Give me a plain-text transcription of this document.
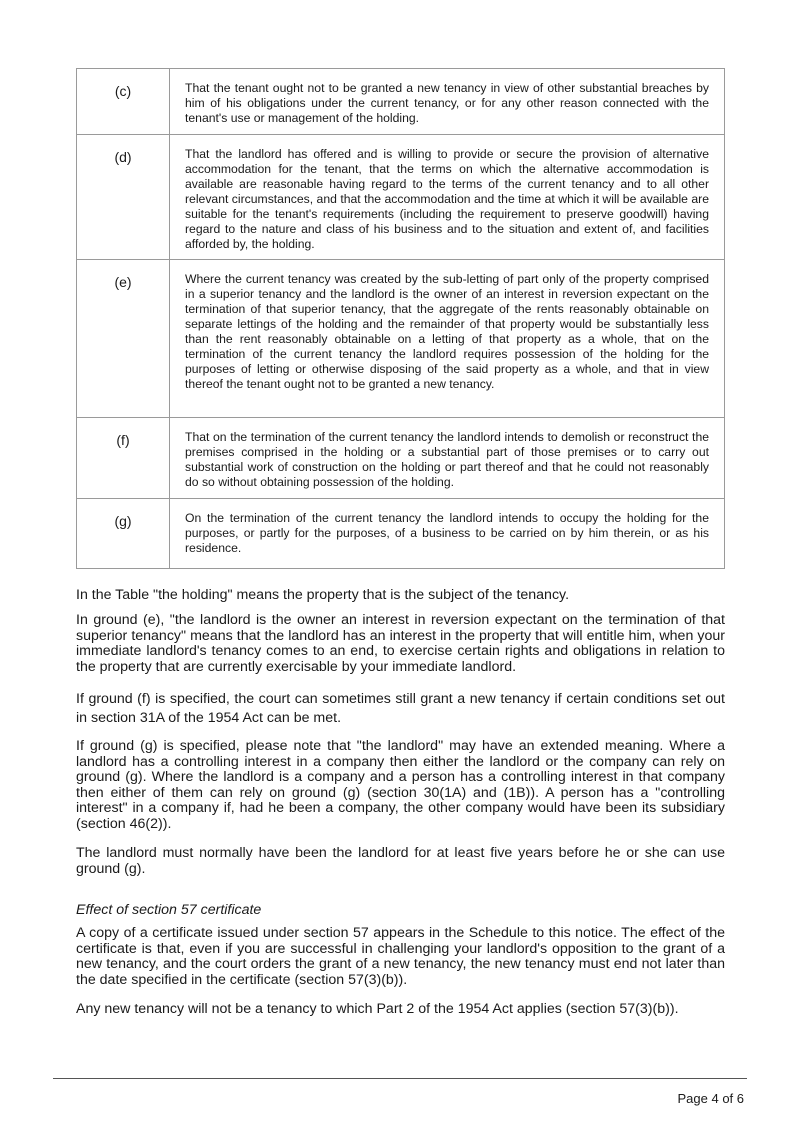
(c)	That the tenant ought not to be granted a new tenancy in view of other substantial breaches by him of his obligations under the current tenancy, or for any other reason connected with the tenant's use or management of the holding.
(d)	That the landlord has offered and is willing to provide or secure the provision of alternative accommodation for the tenant, that the terms on which the alternative accommodation is available are reasonable having regard to the terms of the current tenancy and to all other relevant circumstances, and that the accommodation and the time at which it will be available are suitable for the tenant's requirements (including the requirement to preserve goodwill) having regard to the nature and class of his business and to the situation and extent of, and facilities afforded by, the holding.
(e)	Where the current tenancy was created by the sub-letting of part only of the property comprised in a superior tenancy and the landlord is the owner of an interest in reversion expectant on the termination of that superior tenancy, that the aggregate of the rents reasonably obtainable on separate lettings of the holding and the remainder of that property would be substantially less than the rent reasonably obtainable on a letting of that property as a whole, that on the termination of the current tenancy the landlord requires possession of the holding for the purposes of letting or otherwise disposing of the said property as a whole, and that in view thereof the tenant ought not to be granted a new tenancy.
(f)	That on the termination of the current tenancy the landlord intends to demolish or reconstruct the premises comprised in the holding or a substantial part of those premises or to carry out substantial work of construction on the holding or part thereof and that he could not reasonably do so without obtaining possession of the holding.
(g)	On the termination of the current tenancy the landlord intends to occupy the holding for the purposes, or partly for the purposes, of a business to be carried on by him therein, or as his residence.

In the Table "the holding" means the property that is the subject of the tenancy.

In ground (e), "the landlord is the owner an interest in reversion expectant on the termination of that superior tenancy" means that the landlord has an interest in the property that will entitle him, when your immediate landlord's tenancy comes to an end, to exercise certain rights and obligations in relation to the property that are currently exercisable by your immediate landlord.

If ground (f) is specified, the court can sometimes still grant a new tenancy if certain conditions set out in section 31A of the 1954 Act can be met.

If ground (g) is specified, please note that "the landlord" may have an extended meaning. Where a landlord has a controlling interest in a company then either the landlord or the company can rely on ground (g). Where the landlord is a company and a person has a controlling interest in that company then either of them can rely on ground (g) (section 30(1A) and (1B)). A person has a "controlling interest" in a company if, had he been a company, the other company would have been its subsidiary (section 46(2)).

The landlord must normally have been the landlord for at least five years before he or she can use ground (g).

Effect of section 57 certificate

A copy of a certificate issued under section 57 appears in the Schedule to this notice. The effect of the certificate is that, even if you are successful in challenging your landlord's opposition to the grant of a new tenancy, and the court orders the grant of a new tenancy, the new tenancy must end not later than the date specified in the certificate (section 57(3)(b)).

Any new tenancy will not be a tenancy to which Part 2 of the 1954 Act applies (section 57(3)(b)).

Page 4 of 6
